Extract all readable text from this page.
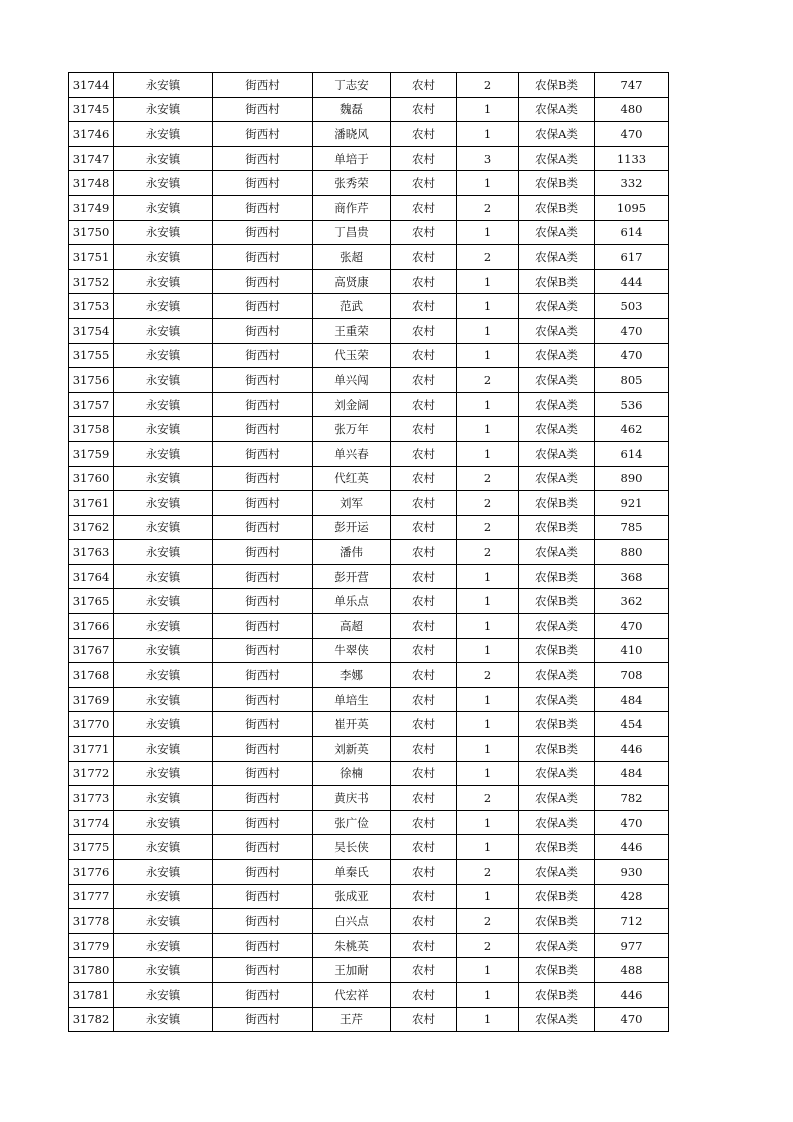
31744	永安镇	街西村	丁志安	农村	2	农保B类	747
31745	永安镇	街西村	魏磊	农村	1	农保A类	480
31746	永安镇	街西村	潘晓风	农村	1	农保A类	470
31747	永安镇	街西村	单培于	农村	3	农保A类	1133
31748	永安镇	街西村	张秀荣	农村	1	农保B类	332
31749	永安镇	街西村	商作芹	农村	2	农保B类	1095
31750	永安镇	街西村	丁昌贵	农村	1	农保A类	614
31751	永安镇	街西村	张超	农村	2	农保A类	617
31752	永安镇	街西村	高贤康	农村	1	农保B类	444
31753	永安镇	街西村	范武	农村	1	农保A类	503
31754	永安镇	街西村	王重荣	农村	1	农保A类	470
31755	永安镇	街西村	代玉荣	农村	1	农保A类	470
31756	永安镇	街西村	单兴闯	农村	2	农保A类	805
31757	永安镇	街西村	刘金阔	农村	1	农保A类	536
31758	永安镇	街西村	张万年	农村	1	农保A类	462
31759	永安镇	街西村	单兴春	农村	1	农保A类	614
31760	永安镇	街西村	代红英	农村	2	农保A类	890
31761	永安镇	街西村	刘军	农村	2	农保B类	921
31762	永安镇	街西村	彭开运	农村	2	农保B类	785
31763	永安镇	街西村	潘伟	农村	2	农保A类	880
31764	永安镇	街西村	彭开营	农村	1	农保B类	368
31765	永安镇	街西村	单乐点	农村	1	农保B类	362
31766	永安镇	街西村	高超	农村	1	农保A类	470
31767	永安镇	街西村	牛翠侠	农村	1	农保B类	410
31768	永安镇	街西村	李娜	农村	2	农保A类	708
31769	永安镇	街西村	单培生	农村	1	农保A类	484
31770	永安镇	街西村	崔开英	农村	1	农保B类	454
31771	永安镇	街西村	刘新英	农村	1	农保B类	446
31772	永安镇	街西村	徐楠	农村	1	农保A类	484
31773	永安镇	街西村	黄庆书	农村	2	农保A类	782
31774	永安镇	街西村	张广俭	农村	1	农保A类	470
31775	永安镇	街西村	吴长侠	农村	1	农保B类	446
31776	永安镇	街西村	单秦氏	农村	2	农保A类	930
31777	永安镇	街西村	张成亚	农村	1	农保B类	428
31778	永安镇	街西村	白兴点	农村	2	农保B类	712
31779	永安镇	街西村	朱桃英	农村	2	农保A类	977
31780	永安镇	街西村	王加耐	农村	1	农保B类	488
31781	永安镇	街西村	代宏祥	农村	1	农保B类	446
31782	永安镇	街西村	王芹	农村	1	农保A类	470
